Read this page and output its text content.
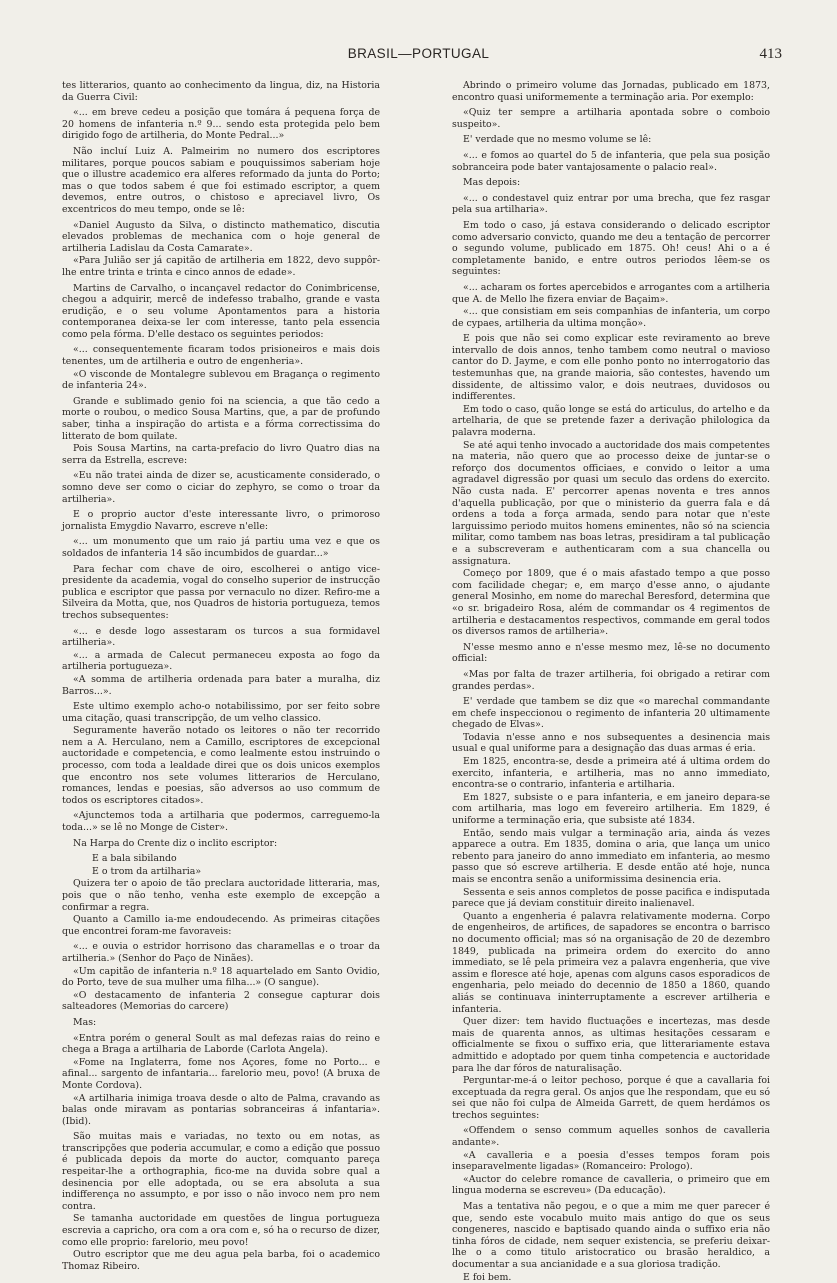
BRASIL—PORTUGAL	413

tes litterarios, quanto ao conhecimento da lingua, diz, na Historia da Guerra Civil:

«... em breve cedeu a posição que tomára á pequena força de 20 homens de infanteria n.º 9... sendo esta protegida pelo bem dirigido fogo de artilheria, do Monte Pedral...»

Não incluí Luiz A. Palmeirim no numero dos escriptores militares, porque poucos sabiam e pouquissimos saberiam hoje que o illustre academico era alferes reformado da junta do Porto; mas o que todos sabem é que foi estimado escriptor, a quem devemos, entre outros, o chistoso e apreciavel livro, Os excentricos do meu tempo, onde se lê:

«Daniel Augusto da Silva, o distincto mathematico, discutia elevados problemas de mechanica com o hoje general de artilheria Ladislau da Costa Camarate».

«Para Julião ser já capitão de artilheria em 1822, devo suppôr-lhe entre trinta e trinta e cinco annos de edade».

Martins de Carvalho, o incançavel redactor do Conimbricense, chegou a adquirir, mercê de indefesso trabalho, grande e vasta erudição, e o seu volume Apontamentos para a historia contemporanea deixa-se ler com interesse, tanto pela essencia como pela fórma. D'elle destaco os seguintes periodos:

«... consequentemente ficaram todos prisioneiros e mais dois tenentes, um de artilheria e outro de engenheria».

«O visconde de Montalegre sublevou em Bragança o regimento de infanteria 24».

Grande e sublimado genio foi na sciencia, a que tão cedo a morte o roubou, o medico Sousa Martins, que, a par de profundo saber, tinha a inspiração do artista e a fórma correctissima do litterato de bom quilate.

Pois Sousa Martins, na carta-prefacio do livro Quatro dias na serra da Estrella, escreve:

«Eu não tratei ainda de dizer se, acusticamente considerado, o somno deve ser como o ciciar do zephyro, se como o troar da artilheria».

E o proprio auctor d'este interessante livro, o primoroso jornalista Emygdio Navarro, escreve n'elle:

«... um monumento que um raio já partiu uma vez e que os soldados de infanteria 14 são incumbidos de guardar...»

Para fechar com chave de oiro, escolherei o antigo vice-presidente da academia, vogal do conselho superior de instrucção publica e escriptor que passa por vernaculo no dizer. Refiro-me a Silveira da Motta, que, nos Quadros de historia portugueza, temos trechos subsequentes:

«... e desde logo assestaram os turcos a sua formidavel artilheria».

«... a armada de Calecut permaneceu exposta ao fogo da artilheria portugueza».

«A somma de artilheria ordenada para bater a muralha, diz Barros...».

Este ultimo exemplo acho-o notabilissimo, por ser feito sobre uma citação, quasi transcripção, de um velho classico.

Seguramente haverão notado os leitores o não ter recorrido nem a A. Herculano, nem a Camillo, escriptores de excepcional auctoridade e competencia, e como lealmente estou instruindo o processo, com toda a lealdade direi que os dois unicos exemplos que encontro nos sete volumes litterarios de Herculano, romances, lendas e poesias, são adversos ao uso commum de todos os escriptores citados».

«Ajunctemos toda a artilharia que podermos, carreguemo-la toda...» se lê no Monge de Cister».

Na Harpa do Crente diz o inclito escriptor:

E a bala sibilando

E o trom da artilharia»

Quizera ter o apoio de tão preclara auctoridade litteraria, mas, pois que o não tenho, venha este exemplo de excepção a confirmar a regra.

Quanto a Camillo ia-me endoudecendo. As primeiras citações que encontrei foram-me favoraveis:

«... e ouvia o estridor horrisono das charamellas e o troar da artilheria.» (Senhor do Paço de Ninães).

«Um capitão de infanteria n.º 18 aquartelado em Santo Ovidio, do Porto, teve de sua mulher uma filha...» (O sangue).

«O destacamento de infanteria 2 consegue capturar dois salteadores (Memorias do carcere)

Mas:

«Entra porém o general Soult as mal defezas raias do reino e chega a Braga a artilharia de Laborde (Carlota Angela).

«Fome na Inglaterra, fome nos Açores, fome no Porto... e afinal... sargento de infantaria... farelorio meu, povo! (A bruxa de Monte Cordova).

«A artilharia inimiga troava desde o alto de Palma, cravando as balas onde miravam as pontarias sobranceiras á infantaria». (Ibid).

São muitas mais e variadas, no texto ou em notas, as transcripções que poderia accumular, e como a edição que possuo é publicada depois da morte do auctor, comquanto pareça respeitar-lhe a orthographia, fico-me na duvida sobre qual a desinencia por elle adoptada, ou se era absoluta a sua indifferença no assumpto, e por isso o não invoco nem pro nem contra.

Se tamanha auctoridade em questões de lingua portugueza escrevia a capricho, ora com a ora com e, só ha o recurso de dizer, como elle proprio: farelorio, meu povo!

Outro escriptor que me deu agua pela barba, foi o academico Thomaz Ribeiro.

Abrindo o primeiro volume das Jornadas, publicado em 1873, encontro quasi uniformemente a terminação aria. Por exemplo:

«Quiz ter sempre a artilharia apontada sobre o comboio suspeito».

E' verdade que no mesmo volume se lê:

«... e fomos ao quartel do 5 de infanteria, que pela sua posição sobranceira pode bater vantajosamente o palacio real».

Mas depois:

«... o condestavel quiz entrar por uma brecha, que fez rasgar pela sua artilharia».

Em todo o caso, já estava considerando o delicado escriptor como adversario convicto, quando me deu a tentação de percorrer o segundo volume, publicado em 1875. Oh! ceus! Ahi o a é completamente banido, e entre outros periodos lêem-se os seguintes:

«... acharam os fortes apercebidos e arrogantes com a artilheria que A. de Mello lhe fizera enviar de Baçaim».

«... que consistiam em seis companhias de infanteria, um corpo de cypaes, artilheria da ultima monção».

E pois que não sei como explicar este reviramento ao breve intervallo de dois annos, tenho tambem como neutral o mavioso cantor do D. Jayme, e com elle ponho ponto no interrogatorio das testemunhas que, na grande maioria, são contestes, havendo um dissidente, de altissimo valor, e dois neutraes, duvidosos ou indifferentes.

Em todo o caso, quão longe se está do articulus, do artelho e da artelharia, de que se pretende fazer a derivação philologica da palavra moderna.

Se até aqui tenho invocado a auctoridade dos mais competentes na materia, não quero que ao processo deixe de juntar-se o reforço dos documentos officiaes, e convido o leitor a uma agradavel digressão por quasi um seculo das ordens do exercito. Não custa nada. E' percorrer apenas noventa e tres annos d'aquella publicação, por que o ministerio da guerra fala e dá ordens a toda a força armada, sendo para notar que n'este larguissimo periodo muitos homens eminentes, não só na sciencia militar, como tambem nas boas letras, presidiram a tal publicação e a subscreveram e authenticaram com a sua chancella ou assignatura.

Começo por 1809, que é o mais afastado tempo a que posso com facilidade chegar; e, em março d'esse anno, o ajudante general Mosinho, em nome do marechal Beresford, determina que «o sr. brigadeiro Rosa, além de commandar os 4 regimentos de artilheria e destacamentos respectivos, commande em geral todos os diversos ramos de artilheria».

N'esse mesmo anno e n'esse mesmo mez, lê-se no documento official:

«Mas por falta de trazer artilheria, foi obrigado a retirar com grandes perdas».

E' verdade que tambem se diz que «o marechal commandante em chefe inspeccionou o regimento de infanteria 20 ultimamente chegado de Elvas».

Todavia n'esse anno e nos subsequentes a desinencia mais usual e qual uniforme para a designação das duas armas é eria.

Em 1825, encontra-se, desde a primeira até á ultima ordem do exercito, infanteria, e artilheria, mas no anno immediato, encontra-se o contrario, infanteria e artilharia.

Em 1827, subsiste o e para infanteria, e em janeiro depara-se com artilharia, mas logo em fevereiro artilheria. Em 1829, é uniforme a terminação eria, que subsiste até 1834.

Então, sendo mais vulgar a terminação aria, ainda ás vezes apparece a outra. Em 1835, domina o aria, que lança um unico rebento para janeiro do anno immediato em infanteria, ao mesmo passo que só escreve artilheria. E desde então até hoje, nunca mais se encontra senão a uniformissima desinencia eria.

Sessenta e seis annos completos de posse pacifica e indisputada parece que já deviam constituir direito inalienavel.

Quanto a engenheria é palavra relativamente moderna. Corpo de engenheiros, de artifices, de sapadores se encontra o barrisco no documento official; mas só na organisação de 20 de dezembro 1849, publicada na primeira ordem do exercito do anno immediato, se lê pela primeira vez a palavra engenheria, que vive assim e floresce até hoje, apenas com alguns casos esporadicos de engenharia, pelo meiado do decennio de 1850 a 1860, quando aliás se continuava ininterruptamente a escrever artilheria e infanteria.

Quer dizer: tem havido fluctuações e incertezas, mas desde mais de quarenta annos, as ultimas hesitações cessaram e officialmente se fixou o suffixo eria, que litterariamente estava admittido e adoptado por quem tinha competencia e auctoridade para lhe dar fóros de naturalisação.

Perguntar-me-á o leitor pechoso, porque é que a cavallaria foi exceptuada da regra geral. Os anjos que lhe respondam, que eu só sei que não foi culpa de Almeida Garrett, de quem herdámos os trechos seguintes:

«Offendem o senso commum aquelles sonhos de cavalleria andante».

«A cavalleria e a poesia d'esses tempos foram pois inseparavelmente ligadas» (Romanceiro: Prologo).

«Auctor do celebre romance de cavalleria, o primeiro que em lingua moderna se escreveu» (Da educação).

Mas a tentativa não pegou, e o que a mim me quer parecer é que, sendo este vocabulo muito mais antigo do que os seus congeneres, nascido e baptisado quando ainda o suffixo eria não tinha fóros de cidade, nem sequer existencia, se preferiu deixar-lhe o a como titulo aristocratico ou brasão heraldico, a documentar a sua ancianidade e a sua gloriosa tradição.

E foi bem.
